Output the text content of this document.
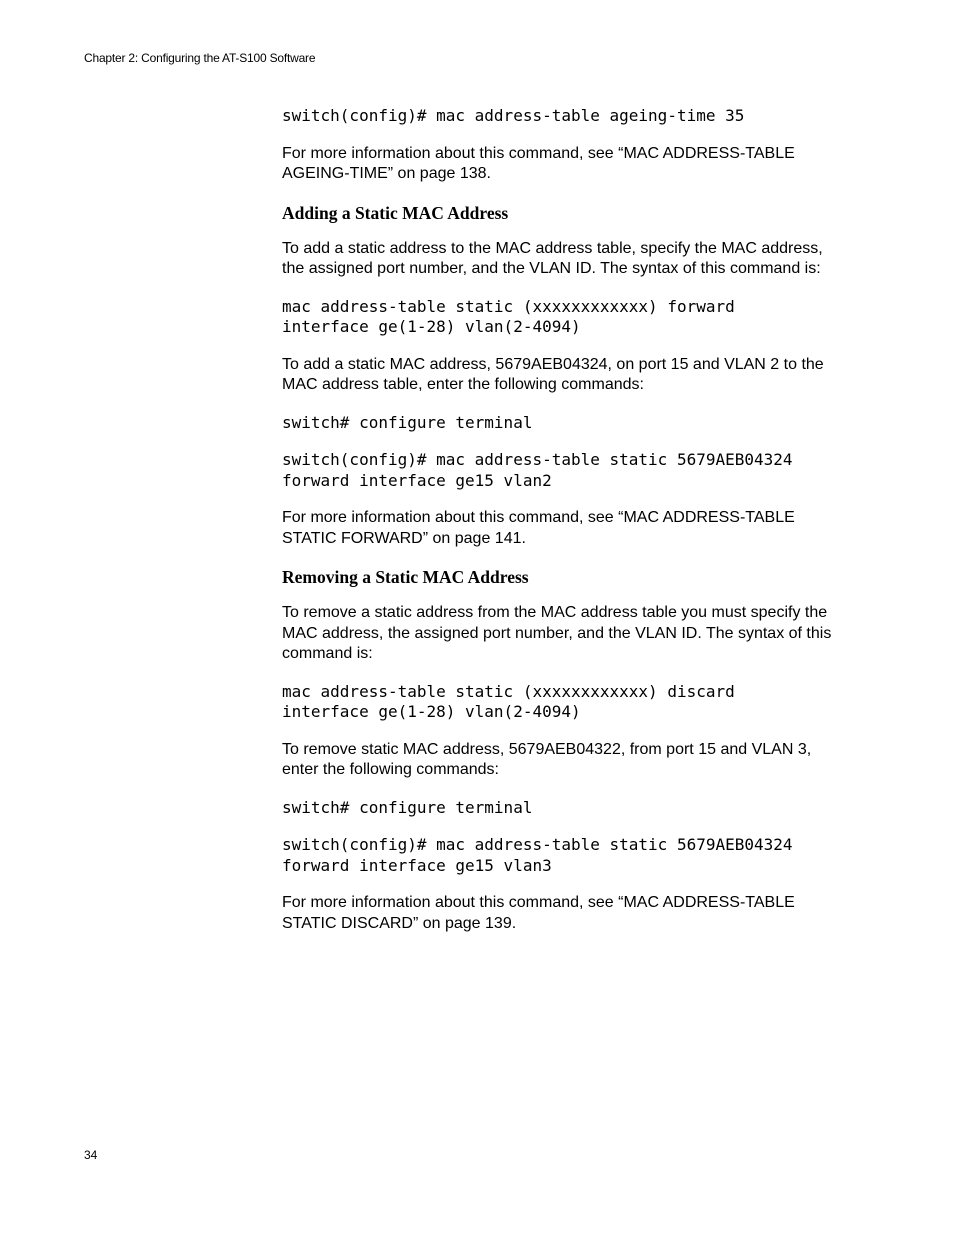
Chapter 2: Configuring the AT-S100 Software
switch(config)# mac address-table ageing-time 35

For more information about this command, see “MAC ADDRESS-TABLE AGEING-TIME” on page 138.

Adding a Static MAC Address

To add a static address to the MAC address table, specify the MAC address, the assigned port number, and the VLAN ID. The syntax of this command is:

mac address-table static (xxxxxxxxxxxx) forward
interface ge(1-28) vlan(2-4094)

To add a static MAC address, 5679AEB04324, on port 15 and VLAN 2 to the MAC address table, enter the following commands:

switch# configure terminal
switch(config)# mac address-table static 5679AEB04324
forward interface ge15 vlan2

For more information about this command, see “MAC ADDRESS-TABLE STATIC FORWARD” on page 141.

Removing a Static MAC Address

To remove a static address from the MAC address table you must specify the MAC address, the assigned port number, and the VLAN ID. The syntax of this command is:

mac address-table static (xxxxxxxxxxxx) discard
interface ge(1-28) vlan(2-4094)

To remove static MAC address, 5679AEB04322, from port 15 and VLAN 3, enter the following commands:

switch# configure terminal
switch(config)# mac address-table static 5679AEB04324
forward interface ge15 vlan3

For more information about this command, see “MAC ADDRESS-TABLE STATIC DISCARD” on page 139.

34
